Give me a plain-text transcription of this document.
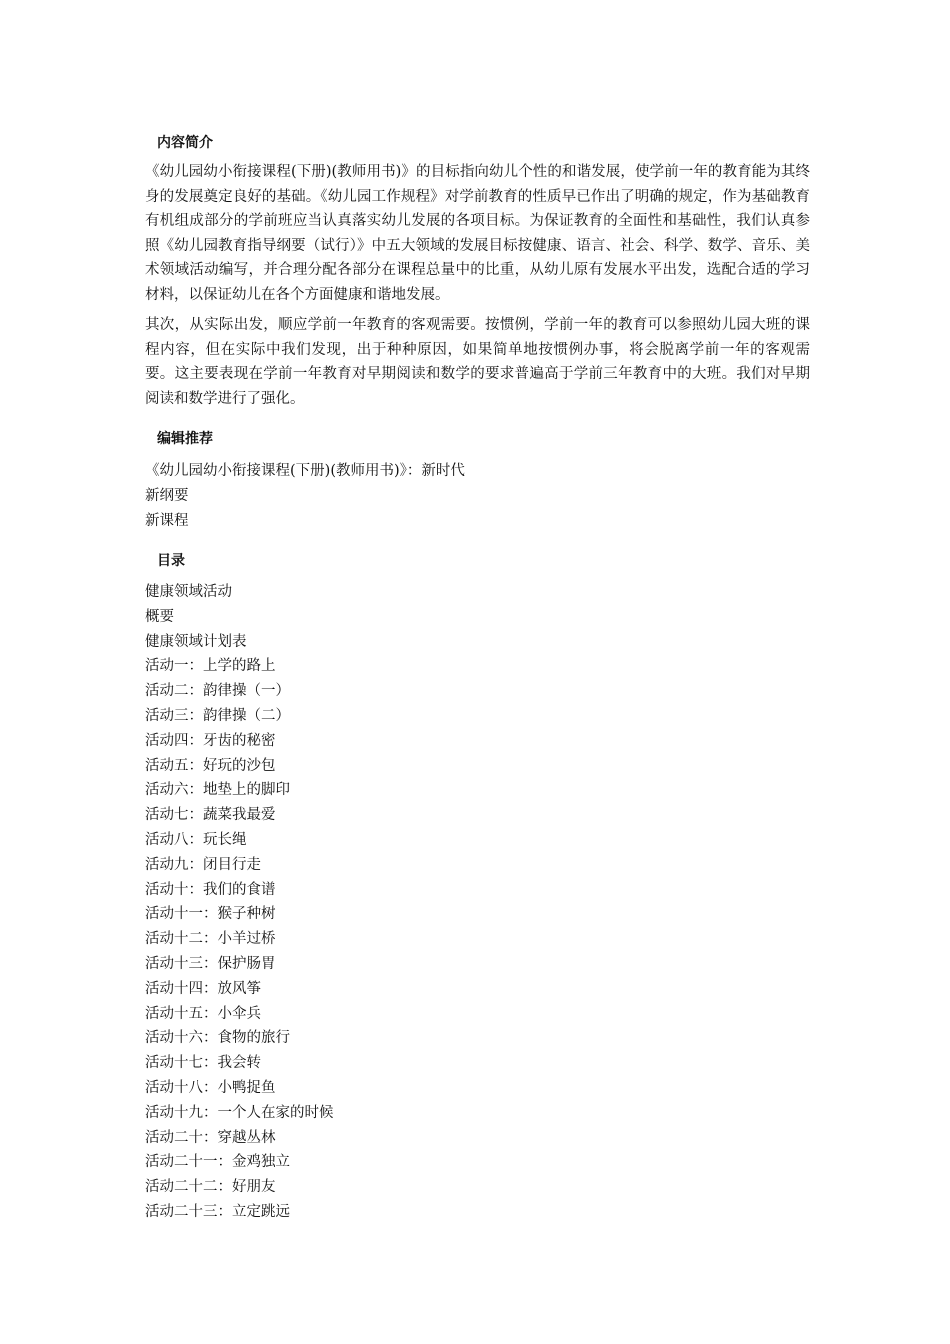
内容简介

《幼儿园幼小衔接课程(下册)(教师用书)》的目标指向幼儿个性的和谐发展，使学前一年的教育能为其终身的发展奠定良好的基础。《幼儿园工作规程》对学前教育的性质早已作出了明确的规定，作为基础教育有机组成部分的学前班应当认真落实幼儿发展的各项目标。为保证教育的全面性和基础性，我们认真参照《幼儿园教育指导纲要（试行）》中五大领域的发展目标按健康、语言、社会、科学、数学、音乐、美术领域活动编写，并合理分配各部分在课程总量中的比重，从幼儿原有发展水平出发，选配合适的学习材料，以保证幼儿在各个方面健康和谐地发展。

其次，从实际出发，顺应学前一年教育的客观需要。按惯例，学前一年的教育可以参照幼儿园大班的课程内容，但在实际中我们发现，出于种种原因，如果简单地按惯例办事，将会脱离学前一年的客观需要。这主要表现在学前一年教育对早期阅读和数学的要求普遍高于学前三年教育中的大班。我们对早期阅读和数学进行了强化。

编辑推荐
《幼儿园幼小衔接课程(下册)(教师用书)》：新时代
新纲要
新课程
目录
健康领域活动
概要
健康领域计划表
活动一：上学的路上
活动二：韵律操（一）
活动三：韵律操（二）
活动四：牙齿的秘密
活动五：好玩的沙包
活动六：地垫上的脚印
活动七：蔬菜我最爱
活动八：玩长绳
活动九：闭目行走
活动十：我们的食谱
活动十一：猴子种树
活动十二：小羊过桥
活动十三：保护肠胃
活动十四：放风筝
活动十五：小伞兵
活动十六：食物的旅行
活动十七：我会转
活动十八：小鸭捉鱼
活动十九：一个人在家的时候
活动二十：穿越丛林
活动二十一：金鸡独立
活动二十二：好朋友
活动二十三：立定跳远
